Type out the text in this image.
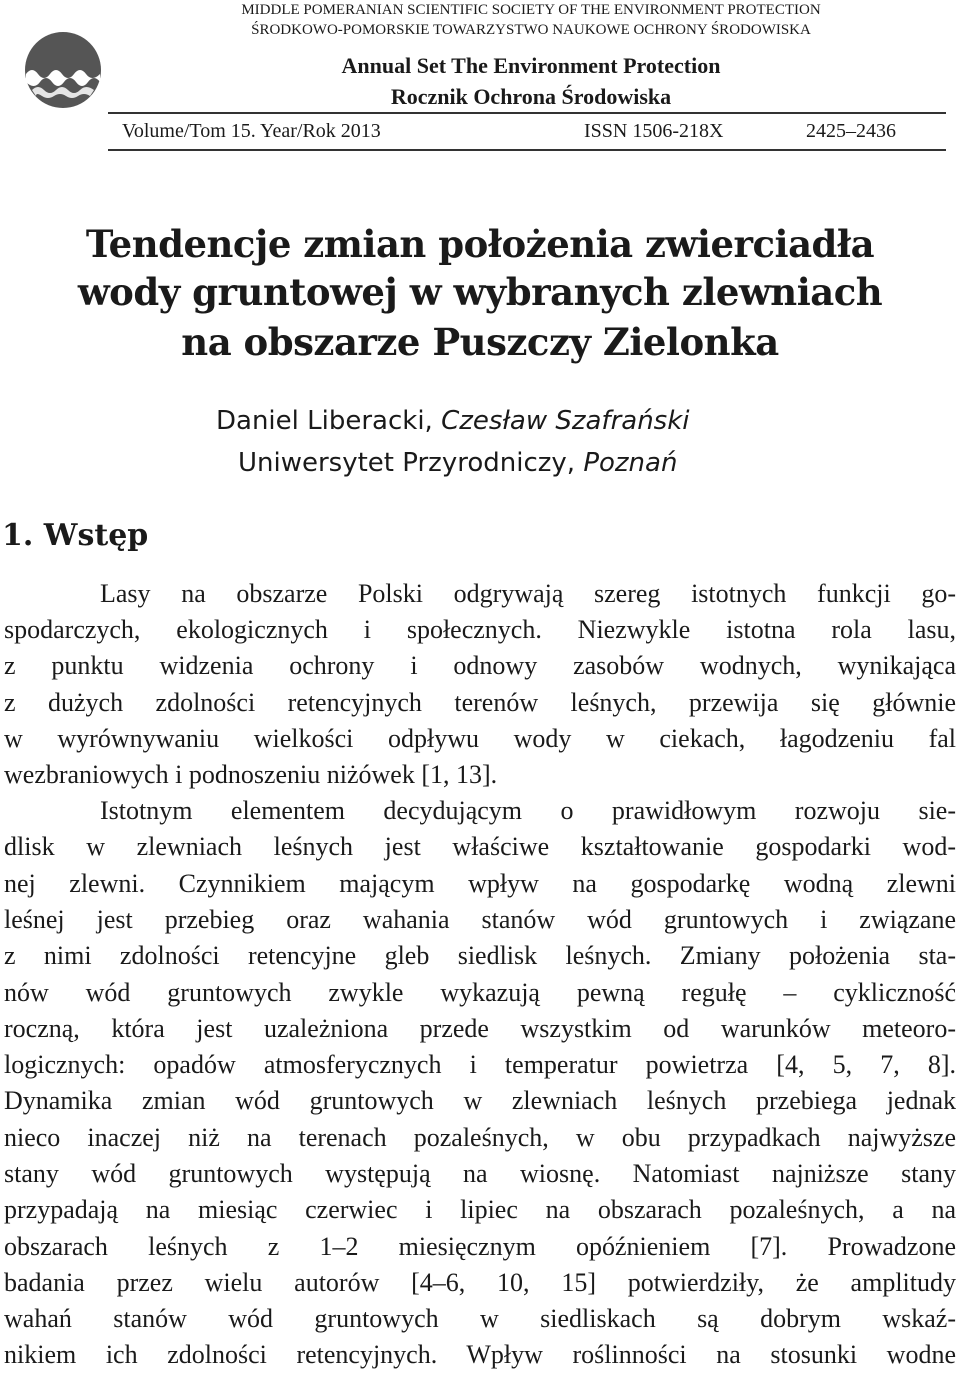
MIDDLE POMERANIAN SCIENTIFIC SOCIETY OF THE ENVIRONMENT PROTECTION
ŚRODKOWO-POMORSKIE TOWARZYSTWO NAUKOWE OCHRONY ŚRODOWISKA
Annual Set The Environment Protection
Rocznik Ochrona Środowiska
Volume/Tom 15. Year/Rok 2013	ISSN 1506-218X	2425–2436
Tendencje zmian położenia zwierciadła
wody gruntowej w wybranych zlewniach
na obszarze Puszczy Zielonka
Daniel Liberacki, Czesław Szafrański
Uniwersytet Przyrodniczy, Poznań
1. Wstęp
Lasy na obszarze Polski odgrywają szereg istotnych funkcji go-
spodarczych, ekologicznych i społecznych. Niezwykle istotna rola lasu,
z punktu widzenia ochrony i odnowy zasobów wodnych, wynikająca
z dużych zdolności retencyjnych terenów leśnych, przewija się głównie
w wyrównywaniu wielkości odpływu wody w ciekach, łagodzeniu fal
wezbraniowych i podnoszeniu niżówek [1, 13].
Istotnym elementem decydującym o prawidłowym rozwoju sie-
dlisk w zlewniach leśnych jest właściwe kształtowanie gospodarki wod-
nej zlewni. Czynnikiem mającym wpływ na gospodarkę wodną zlewni
leśnej jest przebieg oraz wahania stanów wód gruntowych i związane
z nimi zdolności retencyjne gleb siedlisk leśnych. Zmiany położenia sta-
nów wód gruntowych zwykle wykazują pewną regułę – cykliczność
roczną, która jest uzależniona przede wszystkim od warunków meteoro-
logicznych: opadów atmosferycznych i temperatur powietrza [4, 5, 7, 8].
Dynamika zmian wód gruntowych w zlewniach leśnych przebiega jednak
nieco inaczej niż na terenach pozaleśnych, w obu przypadkach najwyższe
stany wód gruntowych występują na wiosnę. Natomiast najniższe stany
przypadają na miesiąc czerwiec i lipiec na obszarach pozaleśnych, a na
obszarach leśnych z 1–2 miesięcznym opóźnieniem [7]. Prowadzone
badania przez wielu autorów [4–6, 10, 15] potwierdziły, że amplitudy
wahań stanów wód gruntowych w siedliskach są dobrym wskaź-
nikiem ich zdolności retencyjnych. Wpływ roślinności na stosunki wodne
